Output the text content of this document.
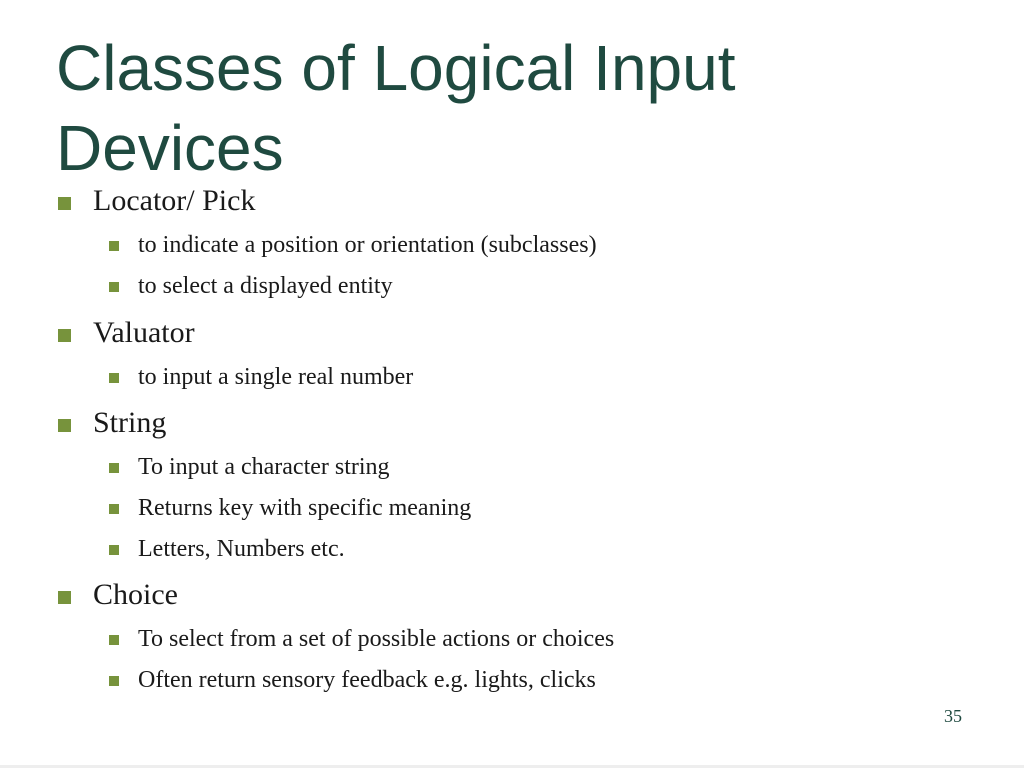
Classes of Logical Input Devices
Locator/ Pick
to indicate a position or orientation (subclasses)
to select a displayed entity
Valuator
to input a single real number
String
To input a character string
Returns key with specific meaning
Letters, Numbers etc.
Choice
To select from a set of possible actions or choices
Often return sensory feedback e.g. lights, clicks
35
